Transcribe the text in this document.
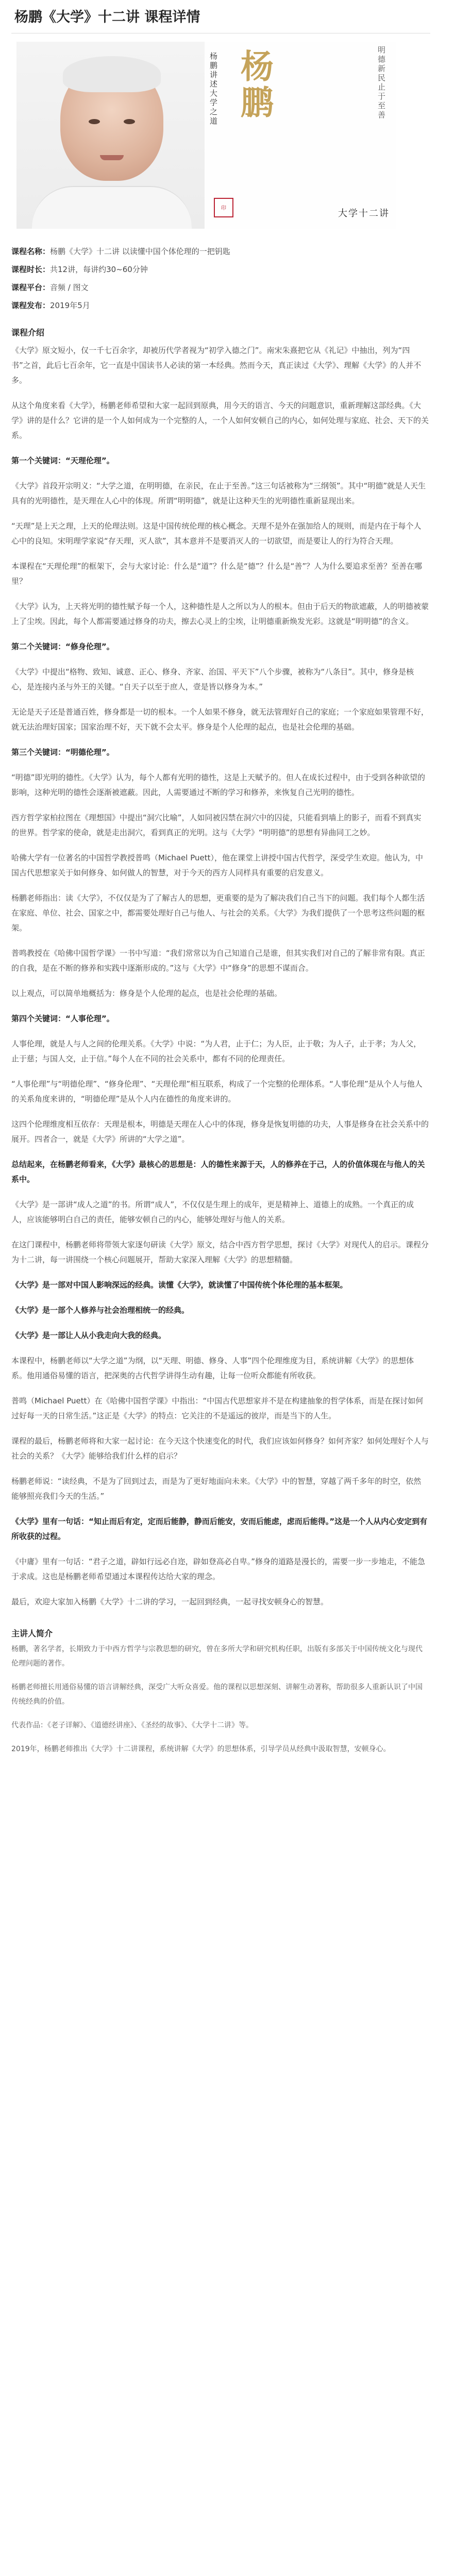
杨鹏《大学》十二讲 课程详情
杨鹏讲述大学之道 杨鹏	明德新民止于至善
印	大学十二讲
课程名称：杨鹏《大学》十二讲 以读懂中国个体伦理的一把钥匙
课程时长：共12讲，每讲约30~60分钟
课程平台：音频 / 图文
课程发布：2019年5月
课程介绍

《大学》原文短小，仅一千七百余字，却被历代学者视为“初学入德之门”。南宋朱熹把它从《礼记》中抽出，列为“四书”之首，此后七百余年，它一直是中国读书人必读的第一本经典。然而今天，真正读过《大学》、理解《大学》的人并不多。

从这个角度来看《大学》，杨鹏老师希望和大家一起回到原典，用今天的语言、今天的问题意识，重新理解这部经典。《大学》讲的是什么？它讲的是一个人如何成为一个完整的人，一个人如何安顿自己的内心，如何处理与家庭、社会、天下的关系。

第一个关键词：“天理伦理”。

《大学》首段开宗明义：“大学之道，在明明德，在亲民，在止于至善。”这三句话被称为“三纲领”。其中“明德”就是人天生具有的光明德性，是天理在人心中的体现。所谓“明明德”，就是让这种天生的光明德性重新显现出来。

“天理”是上天之理，上天的伦理法则。这是中国传统伦理的核心概念。天理不是外在强加给人的规则，而是内在于每个人心中的良知。宋明理学家说“存天理，灭人欲”，其本意并不是要消灭人的一切欲望，而是要让人的行为符合天理。

本课程在“天理伦理”的框架下，会与大家讨论：什么是“道”？什么是“德”？什么是“善”？人为什么要追求至善？至善在哪里？

《大学》认为，上天将光明的德性赋予每一个人，这种德性是人之所以为人的根本。但由于后天的物欲遮蔽，人的明德被蒙上了尘埃。因此，每个人都需要通过修身的功夫，擦去心灵上的尘埃，让明德重新焕发光彩。这就是“明明德”的含义。

第二个关键词：“修身伦理”。

《大学》中提出“格物、致知、诚意、正心、修身、齐家、治国、平天下”八个步骤，被称为“八条目”。其中，修身是核心，是连接内圣与外王的关键。“自天子以至于庶人，壹是皆以修身为本。”

无论是天子还是普通百姓，修身都是一切的根本。一个人如果不修身，就无法管理好自己的家庭；一个家庭如果管理不好，就无法治理好国家；国家治理不好，天下就不会太平。修身是个人伦理的起点，也是社会伦理的基础。

第三个关键词：“明德伦理”。

“明德”即光明的德性。《大学》认为，每个人都有光明的德性，这是上天赋予的。但人在成长过程中，由于受到各种欲望的影响，这种光明的德性会逐渐被遮蔽。因此，人需要通过不断的学习和修养，来恢复自己光明的德性。

西方哲学家柏拉图在《理想国》中提出“洞穴比喻”，人如同被囚禁在洞穴中的囚徒，只能看到墙上的影子，而看不到真实的世界。哲学家的使命，就是走出洞穴，看到真正的光明。这与《大学》“明明德”的思想有异曲同工之妙。

哈佛大学有一位著名的中国哲学教授普鸣（Michael Puett），他在课堂上讲授中国古代哲学，深受学生欢迎。他认为，中国古代思想家关于如何修身、如何做人的智慧，对于今天的西方人同样具有重要的启发意义。

杨鹏老师指出：读《大学》，不仅仅是为了了解古人的思想，更重要的是为了解决我们自己当下的问题。我们每个人都生活在家庭、单位、社会、国家之中，都需要处理好自己与他人、与社会的关系。《大学》为我们提供了一个思考这些问题的框架。

普鸣教授在《哈佛中国哲学课》一书中写道：“我们常常以为自己知道自己是谁，但其实我们对自己的了解非常有限。真正的自我，是在不断的修养和实践中逐渐形成的。”这与《大学》中“修身”的思想不谋而合。

以上观点，可以简单地概括为：修身是个人伦理的起点，也是社会伦理的基础。

第四个关键词：“人事伦理”。

人事伦理，就是人与人之间的伦理关系。《大学》中说：“为人君，止于仁；为人臣，止于敬；为人子，止于孝；为人父，止于慈；与国人交，止于信。”每个人在不同的社会关系中，都有不同的伦理责任。

“人事伦理”与“明德伦理”、“修身伦理”、“天理伦理”相互联系，构成了一个完整的伦理体系。“人事伦理”是从个人与他人的关系角度来讲的，“明德伦理”是从个人内在德性的角度来讲的。

这四个伦理维度相互依存：天理是根本，明德是天理在人心中的体现，修身是恢复明德的功夫，人事是修身在社会关系中的展开。四者合一，就是《大学》所讲的“大学之道”。

总结起来，在杨鹏老师看来，《大学》最核心的思想是：人的德性来源于天，人的修养在于己，人的价值体现在与他人的关系中。

《大学》是一部讲“成人之道”的书。所谓“成人”，不仅仅是生理上的成年，更是精神上、道德上的成熟。一个真正的成人，应该能够明白自己的责任，能够安顿自己的内心，能够处理好与他人的关系。

在这门课程中，杨鹏老师将带领大家逐句研读《大学》原文，结合中西方哲学思想，探讨《大学》对现代人的启示。课程分为十二讲，每一讲围绕一个核心问题展开，帮助大家深入理解《大学》的思想精髓。

《大学》是一部对中国人影响深远的经典。读懂《大学》，就读懂了中国传统个体伦理的基本框架。

《大学》是一部个人修养与社会治理相统一的经典。

《大学》是一部让人从小我走向大我的经典。

本课程中，杨鹏老师以“大学之道”为纲，以“天理、明德、修身、人事”四个伦理维度为目，系统讲解《大学》的思想体系。他用通俗易懂的语言，把深奥的古代哲学讲得生动有趣，让每一位听众都能有所收获。

普鸣（Michael Puett）在《哈佛中国哲学课》中指出：“中国古代思想家并不是在构建抽象的哲学体系，而是在探讨如何过好每一天的日常生活。”这正是《大学》的特点：它关注的不是遥远的彼岸，而是当下的人生。

课程的最后，杨鹏老师将和大家一起讨论：在今天这个快速变化的时代，我们应该如何修身？如何齐家？如何处理好个人与社会的关系？《大学》能够给我们什么样的启示？

杨鹏老师说：“读经典，不是为了回到过去，而是为了更好地面向未来。《大学》中的智慧，穿越了两千多年的时空，依然能够照亮我们今天的生活。”

《大学》里有一句话：“知止而后有定，定而后能静，静而后能安，安而后能虑，虑而后能得。”这是一个人从内心安定到有所收获的过程。

《中庸》里有一句话：“君子之道，辟如行远必自迩，辟如登高必自卑。”修身的道路是漫长的，需要一步一步地走，不能急于求成。这也是杨鹏老师希望通过本课程传达给大家的理念。

最后，欢迎大家加入杨鹏《大学》十二讲的学习，一起回到经典，一起寻找安顿身心的智慧。

主讲人简介

杨鹏，著名学者，长期致力于中西方哲学与宗教思想的研究，曾在多所大学和研究机构任职，出版有多部关于中国传统文化与现代伦理问题的著作。

杨鹏老师擅长用通俗易懂的语言讲解经典，深受广大听众喜爱。他的课程以思想深刻、讲解生动著称，帮助很多人重新认识了中国传统经典的价值。

代表作品：《老子详解》、《道德经讲座》、《圣经的故事》、《大学十二讲》等。

2019年，杨鹏老师推出《大学》十二讲课程，系统讲解《大学》的思想体系，引导学员从经典中汲取智慧，安顿身心。
